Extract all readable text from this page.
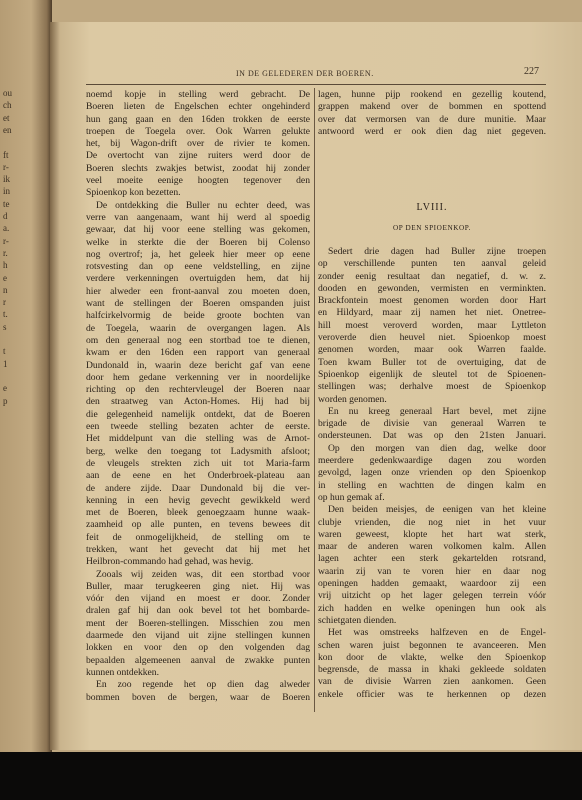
ou
ch
et
en
ft
r-
ik
in
te
d
a.
r-
r.
h
e
n
r
t.
s
t
1
e
p
IN DE GELEDEREN DER BOEREN.	227
noemd kopje in stelling werd gebracht. De
Boeren lieten de Engelschen echter ongehinderd
hun gang gaan en den 16den trokken de eerste
troepen de Toegela over. Ook Warren gelukte
het, bij Wagon-drift over de rivier te komen.
De overtocht van zijne ruiters werd door de
Boeren slechts zwakjes betwist, zoodat hij zonder
veel moeite eenige hoogten tegenover den
Spioenkop kon bezetten.
De ontdekking die Buller nu echter deed, was
verre van aangenaam, want hij werd al spoedig
gewaar, dat hij voor eene stelling was gekomen,
welke in sterkte die der Boeren bij Colenso
nog overtrof; ja, het geleek hier meer op eene
rotsvesting dan op eene veldstelling, en zijne
verdere verkenningen overtuigden hem, dat hij
hier alweder een front-aanval zou moeten doen,
want de stellingen der Boeren omspanden juist
halfcirkelvormig de beide groote bochten van
de Toegela, waarin de overgangen lagen. Als
om den generaal nog een stortbad toe te dienen,
kwam er den 16den een rapport van generaal
Dundonald in, waarin deze bericht gaf van eene
door hem gedane verkenning ver in noordelijke
richting op den rechtervleugel der Boeren naar
den straatweg van Acton-Homes. Hij had bij
die gelegenheid namelijk ontdekt, dat de Boeren
een tweede stelling bezaten achter de eerste.
Het middelpunt van die stelling was de Arnot-
berg, welke den toegang tot Ladysmith afsloot;
de vleugels strekten zich uit tot Maria-farm
aan de eene en het Onderbroek-plateau aan
de andere zijde. Daar Dundonald bij die ver-
kenning in een hevig gevecht gewikkeld werd
met de Boeren, bleek genoegzaam hunne waak-
zaamheid op alle punten, en tevens bewees dit
feit de onmogelijkheid, de stelling om te
trekken, want het gevecht dat hij met het
Heilbron-commando had gehad, was hevig.
Zooals wij zeiden was, dit een stortbad voor
Buller, maar terugkeeren ging niet. Hij was
vóór den vijand en moest er door. Zonder
dralen gaf hij dan ook bevel tot het bombarde-
ment der Boeren-stellingen. Misschien zou men
daarmede den vijand uit zijne stellingen kunnen
lokken en voor den op den volgenden dag
bepaalden algemeenen aanval de zwakke punten
kunnen ontdekken.
En zoo regende het op dien dag alweder
bommen boven de bergen, waar de Boeren
lagen, hunne pijp rookend en gezellig koutend,
grappen makend over de bommen en spottend
over dat vermorsen van de dure munitie. Maar
antwoord werd er ook dien dag niet gegeven.
LVIII.
OP DEN SPIOENKOP.
Sedert drie dagen had Buller zijne troepen
op verschillende punten ten aanval geleid
zonder eenig resultaat dan negatief, d. w. z.
dooden en gewonden, vermisten en verminkten.
Brackfontein moest genomen worden door Hart
en Hildyard, maar zij namen het niet. Onetree-
hill moest veroverd worden, maar Lyttleton
veroverde dien heuvel niet. Spioenkop moest
genomen worden, maar ook Warren faalde.
Toen kwam Buller tot de overtuiging, dat de
Spioenkop eigenlijk de sleutel tot de Spioenen-
stellingen was; derhalve moest de Spioenkop
worden genomen.
En nu kreeg generaal Hart bevel, met zijne
brigade de divisie van generaal Warren te
ondersteunen. Dat was op den 21sten Januari.
Op den morgen van dien dag, welke door
meerdere gedenkwaardige dagen zou worden
gevolgd, lagen onze vrienden op den Spioenkop
in stelling en wachtten de dingen kalm en
op hun gemak af.
Den beiden meisjes, de eenigen van het kleine
clubje vrienden, die nog niet in het vuur
waren geweest, klopte het hart wat sterk,
maar de anderen waren volkomen kalm. Allen
lagen achter een sterk gekartelden rotsrand,
waarin zij van te voren hier en daar nog
openingen hadden gemaakt, waardoor zij een
vrij uitzicht op het lager gelegen terrein vóór
zich hadden en welke openingen hun ook als
schietgaten dienden.
Het was omstreeks halfzeven en de Engel-
schen waren juist begonnen te avanceeren. Men
kon door de vlakte, welke den Spioenkop
begrensde, de massa in khaki gekleede soldaten
van de divisie Warren zien aankomen. Geen
enkele officier was te herkennen op dezen
